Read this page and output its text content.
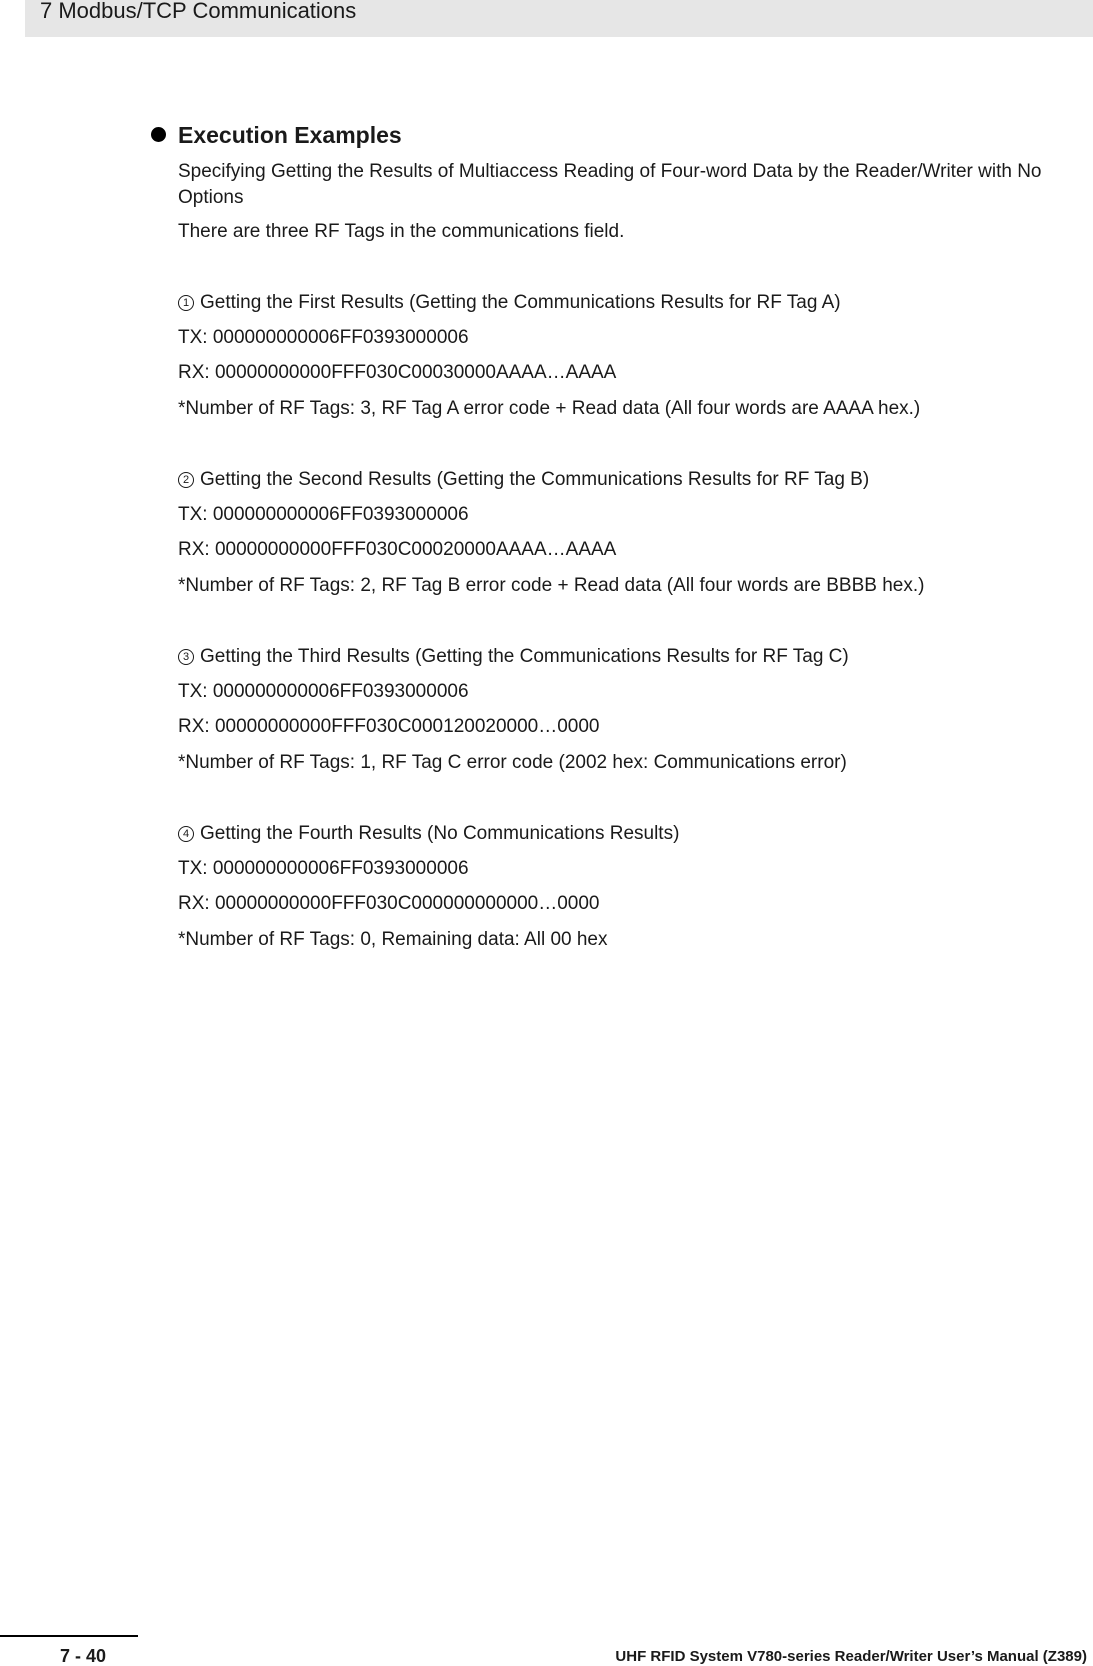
7 Modbus/TCP Communications
Execution Examples
Specifying Getting the Results of Multiaccess Reading of Four-word Data by the Reader/Writer with No Options
There are three RF Tags in the communications field.
1 Getting the First Results (Getting the Communications Results for RF Tag A)
TX: 000000000006FF0393000006
RX: 00000000000FFF030C00030000AAAA…AAAA
*Number of RF Tags: 3, RF Tag A error code + Read data (All four words are AAAA hex.)
2 Getting the Second Results (Getting the Communications Results for RF Tag B)
TX: 000000000006FF0393000006
RX: 00000000000FFF030C00020000AAAA…AAAA
*Number of RF Tags: 2, RF Tag B error code + Read data (All four words are BBBB hex.)
3 Getting the Third Results (Getting the Communications Results for RF Tag C)
TX: 000000000006FF0393000006
RX: 00000000000FFF030C000120020000…0000
*Number of RF Tags: 1, RF Tag C error code (2002 hex: Communications error)
4 Getting the Fourth Results (No Communications Results)
TX: 000000000006FF0393000006
RX: 00000000000FFF030C000000000000…0000
*Number of RF Tags: 0, Remaining data: All 00 hex
7 - 40	UHF RFID System V780-series Reader/Writer User’s Manual (Z389)
